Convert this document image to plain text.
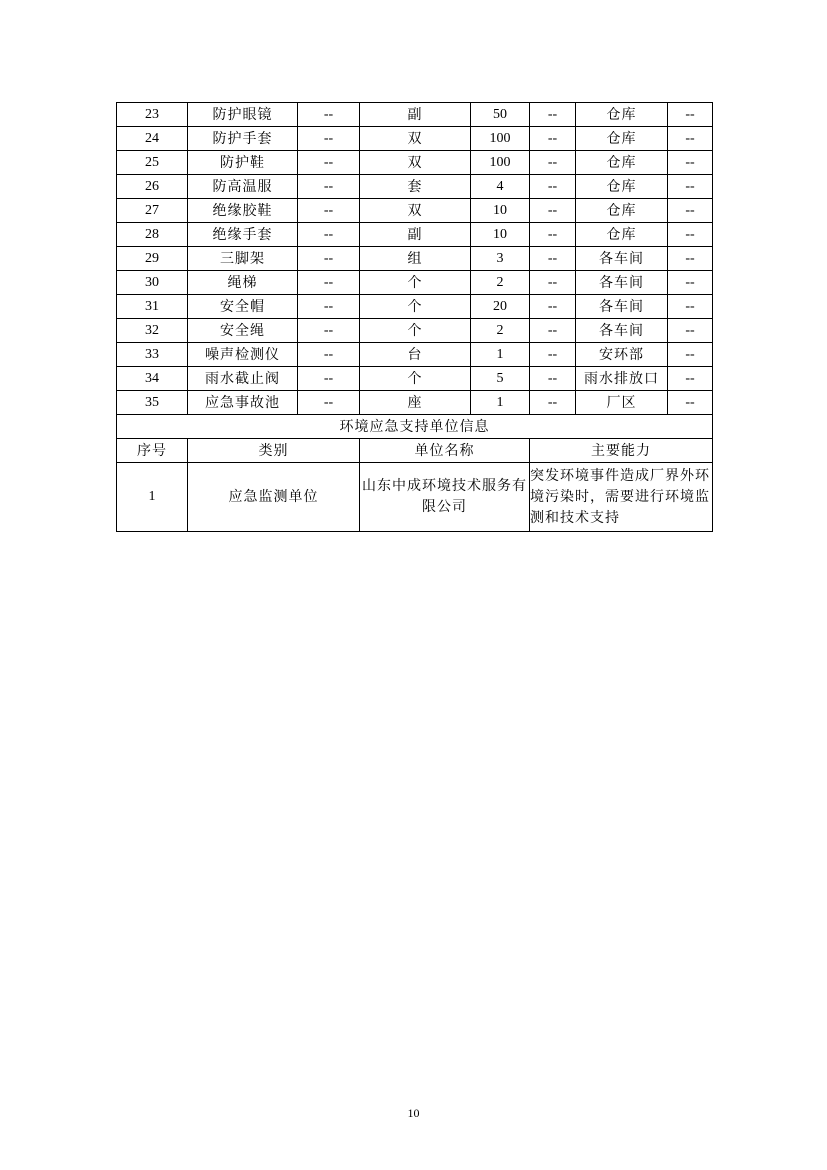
23	防护眼镜	--	副	50	--	仓库	--
24	防护手套	--	双	100	--	仓库	--
25	防护鞋	--	双	100	--	仓库	--
26	防高温服	--	套	4	--	仓库	--
27	绝缘胶鞋	--	双	10	--	仓库	--
28	绝缘手套	--	副	10	--	仓库	--
29	三脚架	--	组	3	--	各车间	--
30	绳梯	--	个	2	--	各车间	--
31	安全帽	--	个	20	--	各车间	--
32	安全绳	--	个	2	--	各车间	--
33	噪声检测仪	--	台	1	--	安环部	--
34	雨水截止阀	--	个	5	--	雨水排放口	--
35	应急事故池	--	座	1	--	厂区	--
环境应急支持单位信息							
序号	类别		单位名称		主要能力		
1	应急监测单位		山东中成环境技术服务有限公司		突发环境事件造成厂界外环境污染时，需要进行环境监测和技术支持		
10
